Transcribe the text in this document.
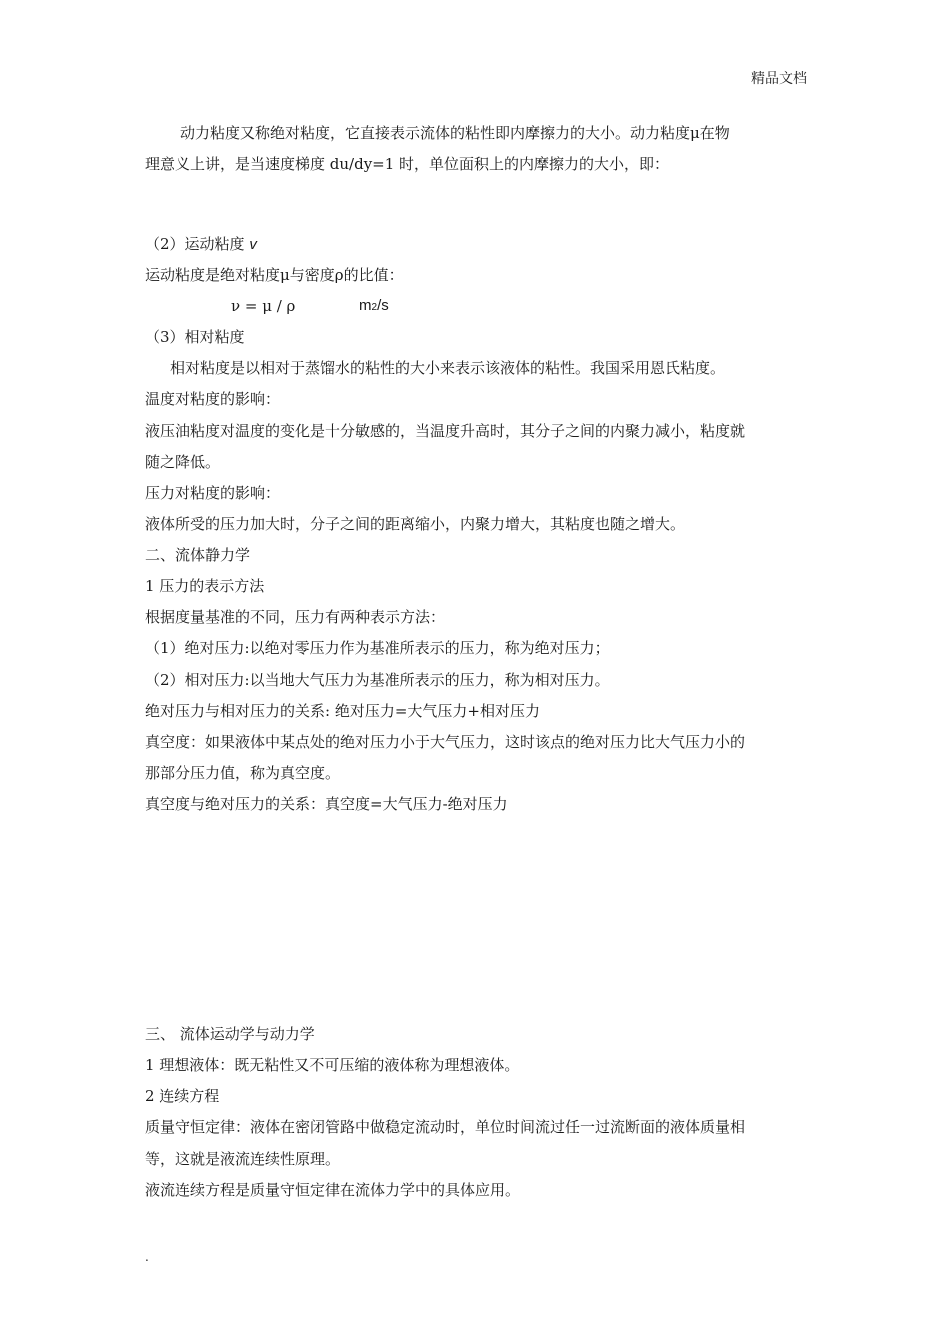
精品文档
动力粘度又称绝对粘度，它直接表示流体的粘性即内摩擦力的大小。动力粘度μ在物
理意义上讲，是当速度梯度 du/dy=1 时，单位面积上的内摩擦力的大小，即：
（2）运动粘度 v
运动粘度是绝对粘度μ与密度ρ的比值：
ν = μ / ρ	m2/s
（3）相对粘度
相对粘度是以相对于蒸馏水的粘性的大小来表示该液体的粘性。我国采用恩氏粘度。
温度对粘度的影响：
液压油粘度对温度的变化是十分敏感的，当温度升高时，其分子之间的内聚力减小，粘度就
随之降低。
压力对粘度的影响：
液体所受的压力加大时，分子之间的距离缩小，内聚力增大，其粘度也随之增大。
二、流体静力学
1 压力的表示方法
根据度量基准的不同，压力有两种表示方法：
（1）绝对压力:以绝对零压力作为基准所表示的压力，称为绝对压力；
（2）相对压力:以当地大气压力为基准所表示的压力，称为相对压力。
绝对压力与相对压力的关系: 绝对压力=大气压力+相对压力
真空度：如果液体中某点处的绝对压力小于大气压力，这时该点的绝对压力比大气压力小的
那部分压力值，称为真空度。
真空度与绝对压力的关系：真空度=大气压力-绝对压力
三、 流体运动学与动力学
1 理想液体：既无粘性又不可压缩的液体称为理想液体。
2 连续方程
质量守恒定律：液体在密闭管路中做稳定流动时，单位时间流过任一过流断面的液体质量相
等，这就是液流连续性原理。
液流连续方程是质量守恒定律在流体力学中的具体应用。
.
